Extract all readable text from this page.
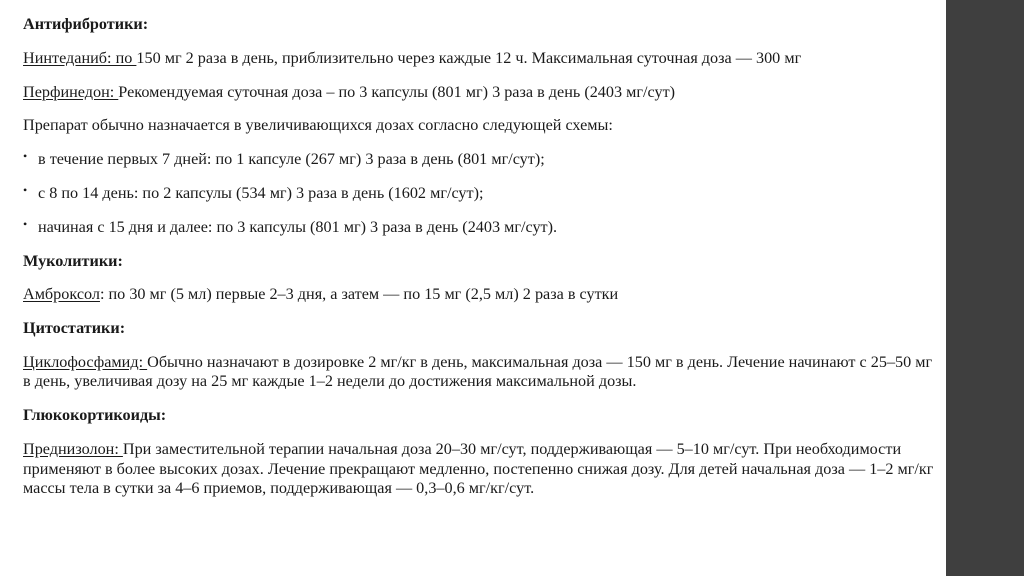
Антифибротики:

Нинтеданиб: по 150 мг 2 раза в день, приблизительно через каждые 12 ч. Максимальная суточная доза — 300 мг

Перфинедон: Рекомендуемая суточная доза – по 3 капсулы (801 мг) 3 раза в день (2403 мг/сут)

Препарат обычно назначается в увеличивающихся дозах согласно следующей схемы:

• в течение первых 7 дней: по 1 капсуле (267 мг) 3 раза в день (801 мг/сут);

• с 8 по 14 день: по 2 капсулы (534 мг) 3 раза в день (1602 мг/сут);

• начиная с 15 дня и далее: по 3 капсулы (801 мг) 3 раза в день (2403 мг/сут).

Муколитики:

Амброксол: по 30 мг (5 мл) первые 2–3 дня, а затем — по 15 мг (2,5 мл) 2 раза в сутки

Цитостатики:

Циклофосфамид: Обычно назначают в дозировке 2 мг/кг в день, максимальная доза — 150 мг в день. Лечение начинают с 25–50 мг в день, увеличивая дозу на 25 мг каждые 1–2 недели до достижения максимальной дозы.

Глюкокортикоиды:

Преднизолон: При заместительной терапии начальная доза 20–30 мг/сут, поддерживающая — 5–10 мг/сут. При необходимости применяют в более высоких дозах. Лечение прекращают медленно, постепенно снижая дозу. Для детей начальная доза — 1–2 мг/кг массы тела в сутки за 4–6 приемов, поддерживающая — 0,3–0,6 мг/кг/сут.
